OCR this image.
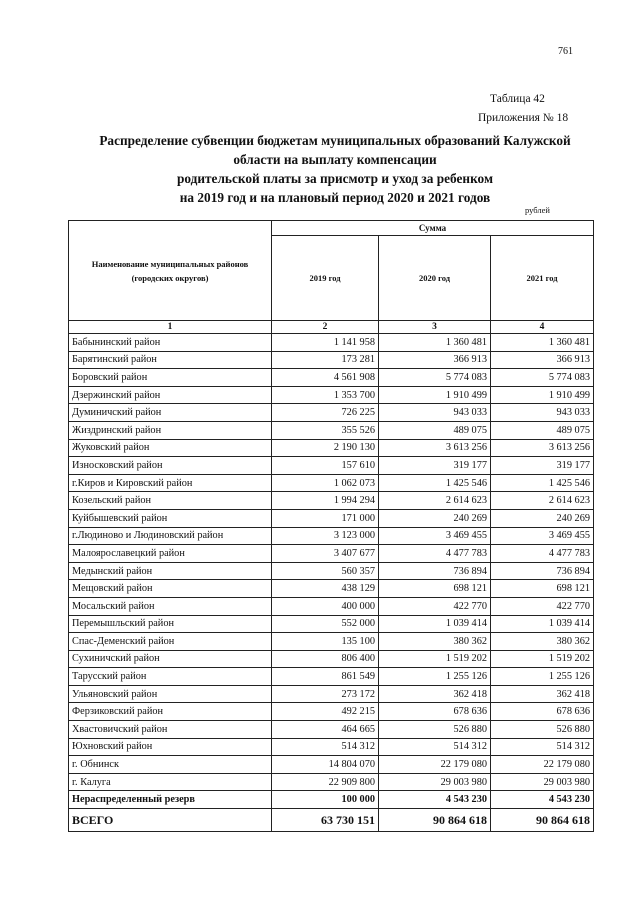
761
Таблица 42
Приложения № 18
Распределение субвенции бюджетам муниципальных образований Калужской
области на выплату компенсации
родительской платы за присмотр и уход за ребенком
на 2019 год и на плановый период 2020 и 2021 годов
рублей
Наименование муниципальных районов (городских округов)	Сумма		
	2019 год	2020 год	2021 год
1	2	3	4
Бабынинский район	1 141 958	1 360 481	1 360 481
Барятинский район	173 281	366 913	366 913
Боровский район	4 561 908	5 774 083	5 774 083
Дзержинский район	1 353 700	1 910 499	1 910 499
Думиничский район	726 225	943 033	943 033
Жиздринский район	355 526	489 075	489 075
Жуковский район	2 190 130	3 613 256	3 613 256
Износковский район	157 610	319 177	319 177
г.Киров и Кировский район	1 062 073	1 425 546	1 425 546
Козельский район	1 994 294	2 614 623	2 614 623
Куйбышевский район	171 000	240 269	240 269
г.Людиново и Людиновский район	3 123 000	3 469 455	3 469 455
Малоярославецкий район	3 407 677	4 477 783	4 477 783
Медынский район	560 357	736 894	736 894
Мещовский район	438 129	698 121	698 121
Мосальский район	400 000	422 770	422 770
Перемышльский район	552 000	1 039 414	1 039 414
Спас-Деменский район	135 100	380 362	380 362
Сухиничский район	806 400	1 519 202	1 519 202
Тарусский район	861 549	1 255 126	1 255 126
Ульяновский район	273 172	362 418	362 418
Ферзиковский район	492 215	678 636	678 636
Хвастовичский район	464 665	526 880	526 880
Юхновский район	514 312	514 312	514 312
г. Обнинск	14 804 070	22 179 080	22 179 080
г. Калуга	22 909 800	29 003 980	29 003 980
Нераспределенный резерв	100 000	4 543 230	4 543 230
ВСЕГО	63 730 151	90 864 618	90 864 618
